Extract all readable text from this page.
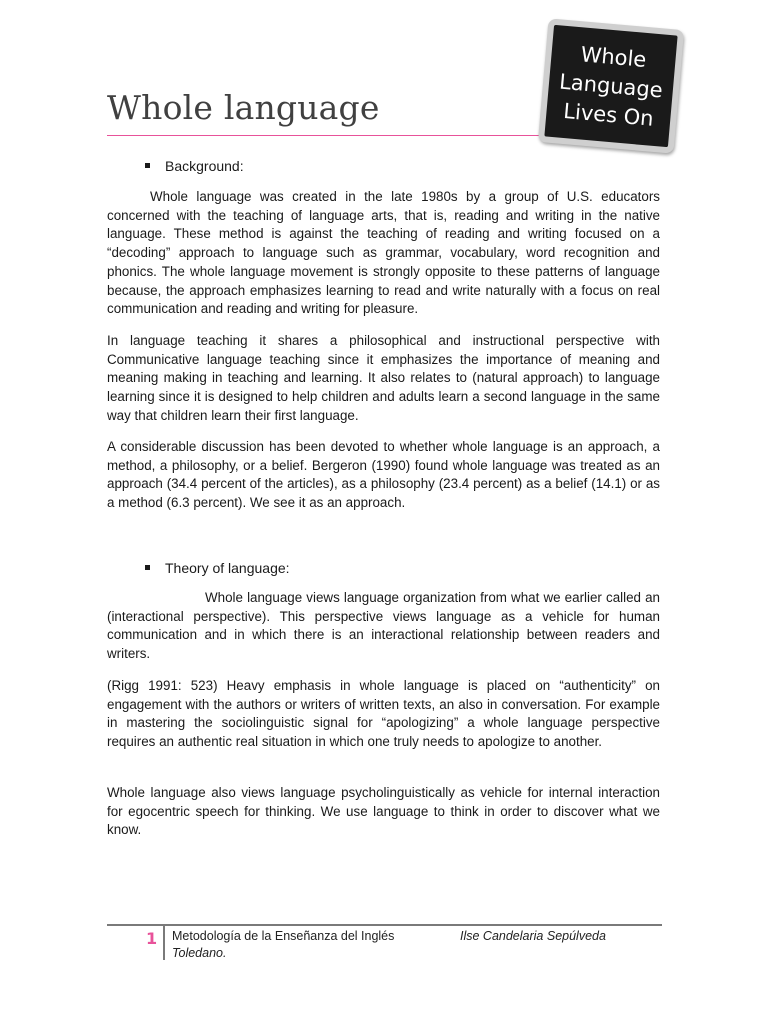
Whole language
Whole
Language
Lives On
Background:

Whole language was created in the late 1980s by a group of U.S. educators concerned with the teaching of language arts, that is, reading and writing in the native language. These method is against the teaching of reading and writing focused on a “decoding” approach to language such as grammar, vocabulary, word recognition and phonics. The whole language movement is strongly opposite to these patterns of language because, the approach emphasizes learning to read and write naturally with a focus on real communication and reading and writing for pleasure.

In language teaching it shares a philosophical and instructional perspective with Communicative language teaching since it emphasizes the importance of meaning and meaning making in teaching and learning. It also relates to (natural approach) to language learning since it is designed to help children and adults learn a second language in the same way that children learn their first language.

A considerable discussion has been devoted to whether whole language is an approach, a method, a philosophy, or a belief. Bergeron (1990) found whole language was treated as an approach (34.4 percent of the articles), as a philosophy (23.4 percent) as a belief (14.1) or as a method (6.3 percent). We see it as an approach.

Theory of language:

Whole language views language organization from what we earlier called an (interactional perspective). This perspective views language as a vehicle for human communication and in which there is an interactional relationship between readers and writers.

(Rigg 1991: 523) Heavy emphasis in whole language is placed on “authenticity” on engagement with the authors or writers of written texts, an also in conversation. For example in mastering the sociolinguistic signal for “apologizing” a whole language perspective requires an authentic real situation in which one truly needs to apologize to another.

Whole language also views language psycholinguistically as vehicle for internal interaction for egocentric speech for thinking. We use language to think in order to discover what we know.

1 Metodología de la Enseñanza del Inglés	Ilse Candelaria Sepúlveda
Toledano.
